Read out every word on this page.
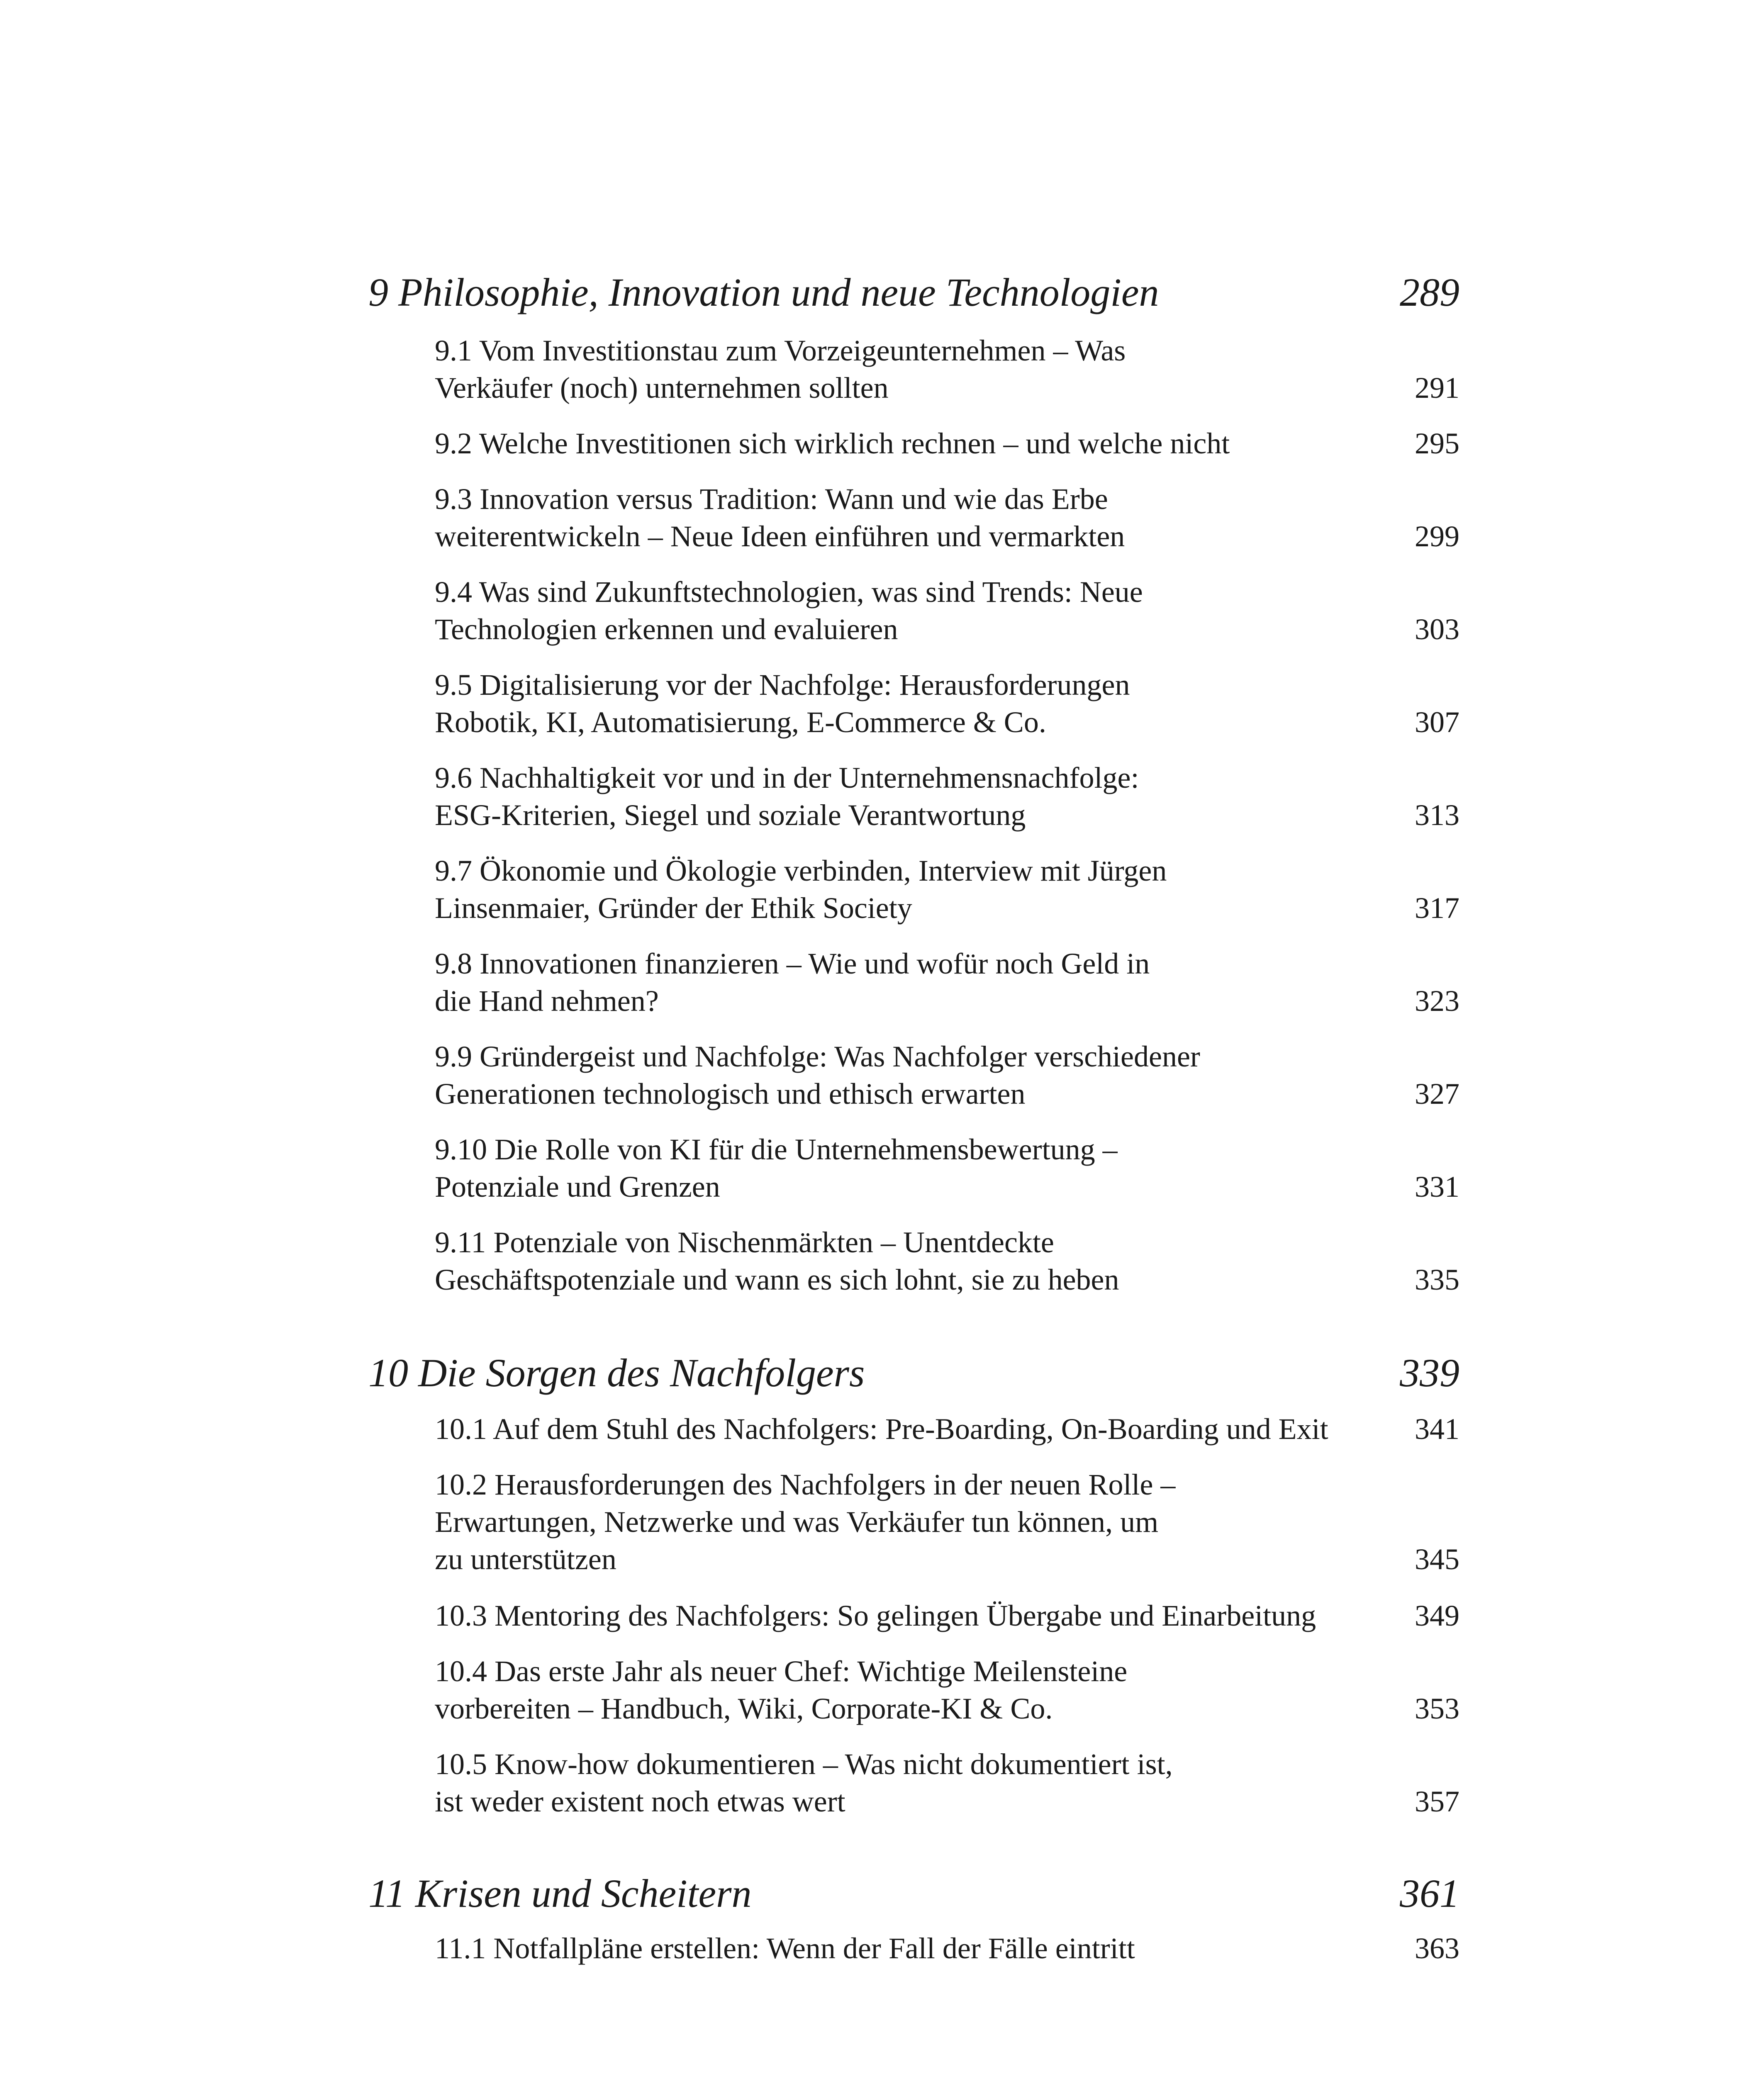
9 Philosophie, Innovation und neue Technologien	289
9.1 Vom Investitionstau zum Vorzeigeunternehmen – Was
Verkäufer (noch) unternehmen sollten	291
9.2 Welche Investitionen sich wirklich rechnen – und welche nicht	295
9.3 Innovation versus Tradition: Wann und wie das Erbe
weiterentwickeln – Neue Ideen einführen und vermarkten	299
9.4 Was sind Zukunftstechnologien, was sind Trends: Neue
Technologien erkennen und evaluieren	303
9.5 Digitalisierung vor der Nachfolge: Herausforderungen
Robotik, KI, Automatisierung, E-Commerce & Co.	307
9.6 Nachhaltigkeit vor und in der Unternehmensnachfolge:
ESG-Kriterien, Siegel und soziale Verantwortung	313
9.7 Ökonomie und Ökologie verbinden, Interview mit Jürgen
Linsenmaier, Gründer der Ethik Society	317
9.8 Innovationen finanzieren – Wie und wofür noch Geld in
die Hand nehmen?	323
9.9 Gründergeist und Nachfolge: Was Nachfolger verschiedener
Generationen technologisch und ethisch erwarten	327
9.10 Die Rolle von KI für die Unternehmensbewertung –
Potenziale und Grenzen	331
9.11 Potenziale von Nischenmärkten – Unentdeckte
Geschäftspotenziale und wann es sich lohnt, sie zu heben	335
10 Die Sorgen des Nachfolgers	339
10.1 Auf dem Stuhl des Nachfolgers: Pre-Boarding, On-Boarding und Exit	341
10.2 Herausforderungen des Nachfolgers in der neuen Rolle –
Erwartungen, Netzwerke und was Verkäufer tun können, um
zu unterstützen	345
10.3 Mentoring des Nachfolgers: So gelingen Übergabe und Einarbeitung	349
10.4 Das erste Jahr als neuer Chef: Wichtige Meilensteine
vorbereiten – Handbuch, Wiki, Corporate-KI & Co.	353
10.5 Know-how dokumentieren – Was nicht dokumentiert ist,
ist weder existent noch etwas wert	357
11 Krisen und Scheitern	361
11.1 Notfallpläne erstellen: Wenn der Fall der Fälle eintritt	363
